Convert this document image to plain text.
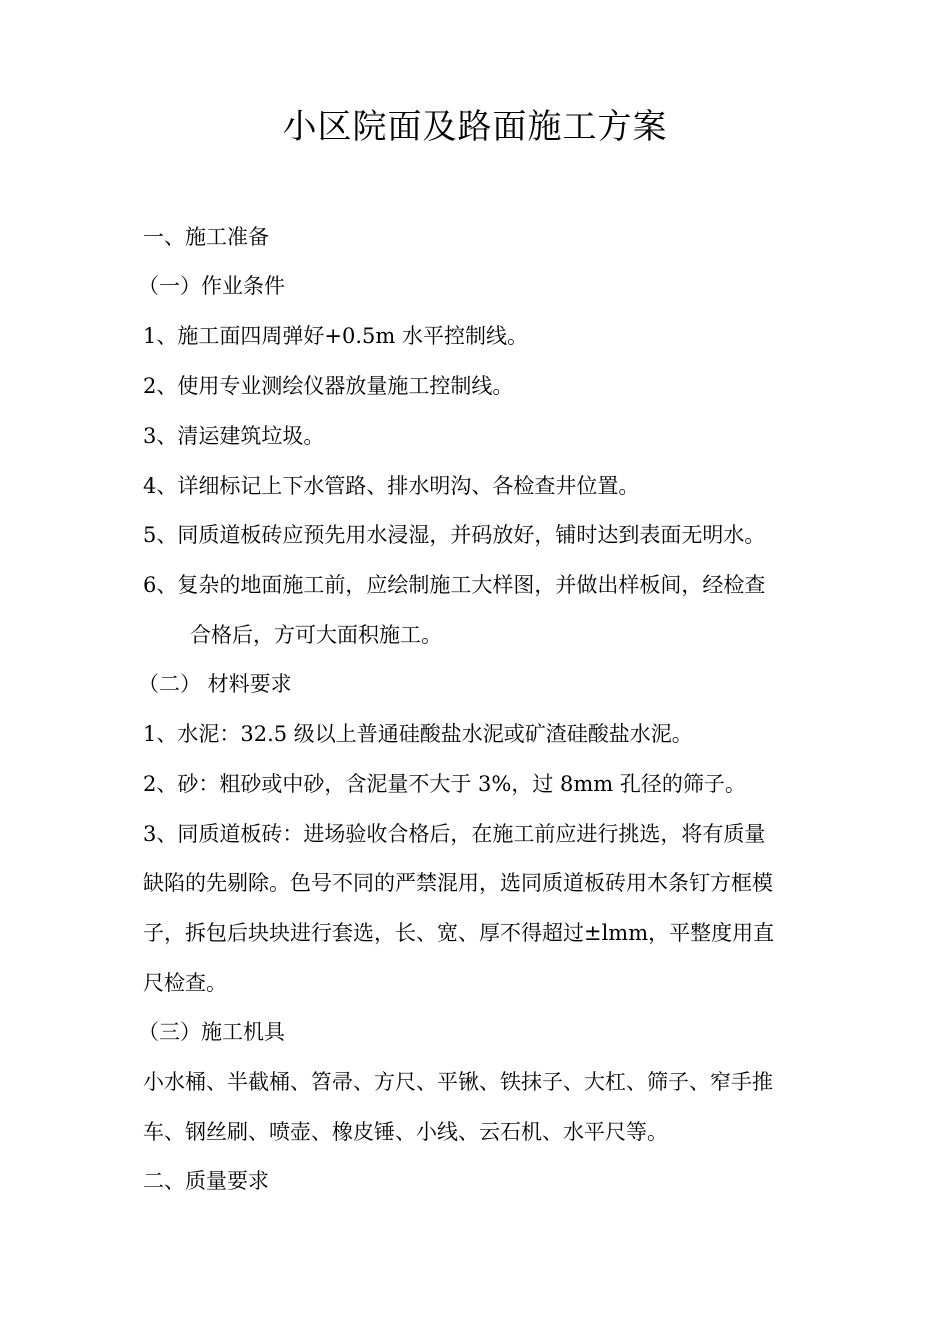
小区院面及路面施工方案
一、施工准备
（一）作业条件
1、施工面四周弹好+0.5m 水平控制线。
2、使用专业测绘仪器放量施工控制线。
3、清运建筑垃圾。
4、详细标记上下水管路、排水明沟、各检查井位置。
5、同质道板砖应预先用水浸湿，并码放好，铺时达到表面无明水。
6、复杂的地面施工前，应绘制施工大样图，并做出样板间，经检查
合格后，方可大面积施工。
（二） 材料要求
1、水泥：32.5 级以上普通硅酸盐水泥或矿渣硅酸盐水泥。
2、砂：粗砂或中砂，含泥量不大于 3%，过 8mm 孔径的筛子。
3、同质道板砖：进场验收合格后，在施工前应进行挑选，将有质量
缺陷的先剔除。色号不同的严禁混用，选同质道板砖用木条钉方框模
子，拆包后块块进行套选，长、宽、厚不得超过±lmm，平整度用直
尺检查。
（三）施工机具
小水桶、半截桶、笤帚、方尺、平锹、铁抹子、大杠、筛子、窄手推
车、钢丝刷、喷壶、橡皮锤、小线、云石机、水平尺等。
二、质量要求
